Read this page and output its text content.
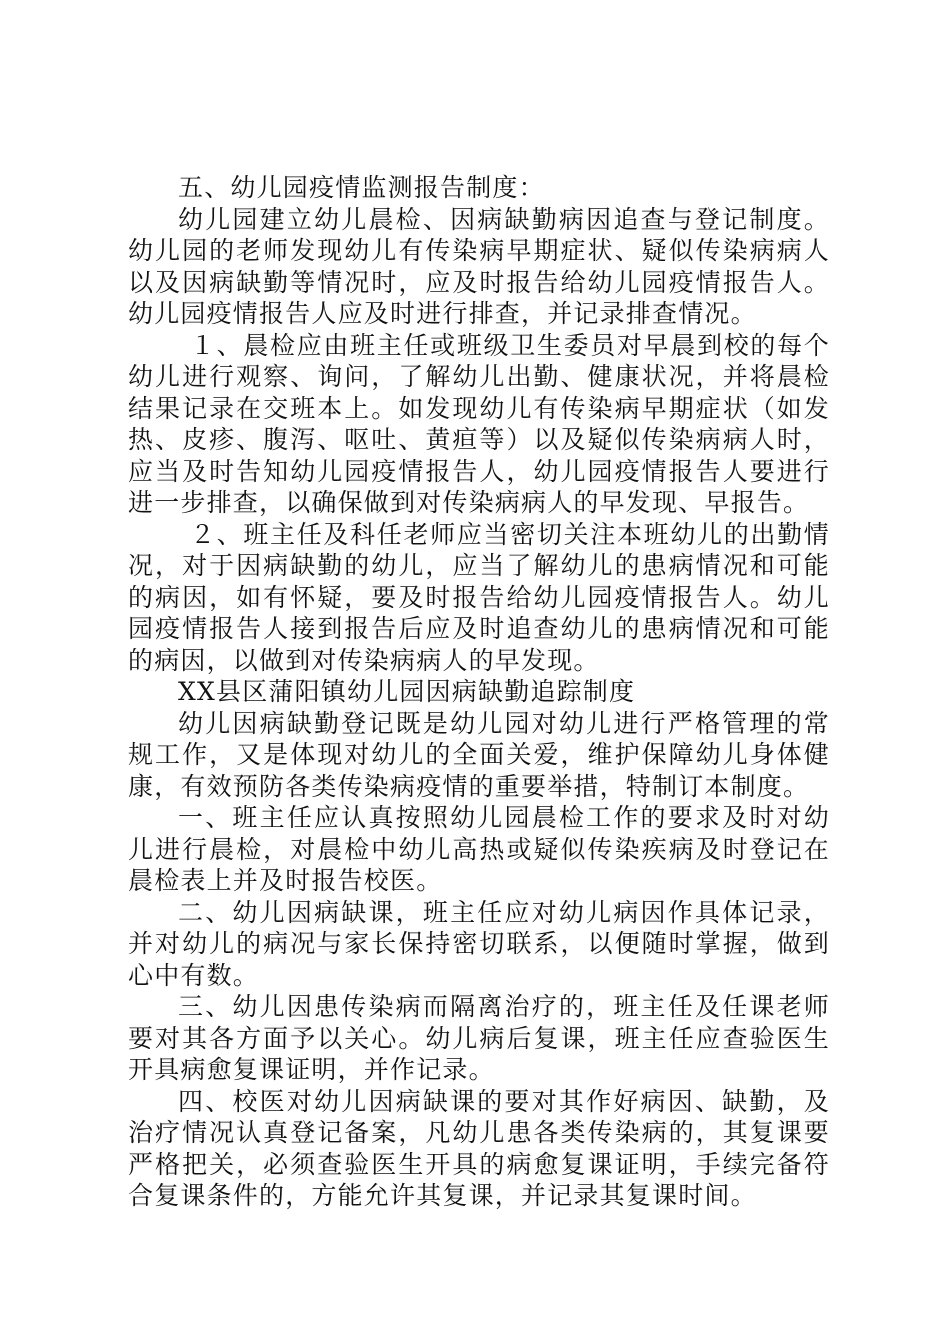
五、幼儿园疫情监测报告制度：

幼儿园建立幼儿晨检、因病缺勤病因追查与登记制度。幼儿园的老师发现幼儿有传染病早期症状、疑似传染病病人以及因病缺勤等情况时，应及时报告给幼儿园疫情报告人。幼儿园疫情报告人应及时进行排查，并记录排查情况。

１、晨检应由班主任或班级卫生委员对早晨到校的每个幼儿进行观察、询问，了解幼儿出勤、健康状况，并将晨检结果记录在交班本上。如发现幼儿有传染病早期症状（如发热、皮疹、腹泻、呕吐、黄疸等）以及疑似传染病病人时，应当及时告知幼儿园疫情报告人，幼儿园疫情报告人要进行进一步排查，以确保做到对传染病病人的早发现、早报告。

２、班主任及科任老师应当密切关注本班幼儿的出勤情况，对于因病缺勤的幼儿，应当了解幼儿的患病情况和可能的病因，如有怀疑，要及时报告给幼儿园疫情报告人。幼儿园疫情报告人接到报告后应及时追查幼儿的患病情况和可能的病因，以做到对传染病病人的早发现。

XX县区蒲阳镇幼儿园因病缺勤追踪制度

幼儿因病缺勤登记既是幼儿园对幼儿进行严格管理的常规工作，又是体现对幼儿的全面关爱，维护保障幼儿身体健康，有效预防各类传染病疫情的重要举措，特制订本制度。

一、班主任应认真按照幼儿园晨检工作的要求及时对幼儿进行晨检，对晨检中幼儿高热或疑似传染疾病及时登记在晨检表上并及时报告校医。

二、幼儿因病缺课，班主任应对幼儿病因作具体记录，并对幼儿的病况与家长保持密切联系，以便随时掌握，做到心中有数。

三、幼儿因患传染病而隔离治疗的，班主任及任课老师要对其各方面予以关心。幼儿病后复课，班主任应查验医生开具病愈复课证明，并作记录。

四、校医对幼儿因病缺课的要对其作好病因、缺勤，及治疗情况认真登记备案，凡幼儿患各类传染病的，其复课要严格把关，必须查验医生开具的病愈复课证明，手续完备符合复课条件的，方能允许其复课，并记录其复课时间。
